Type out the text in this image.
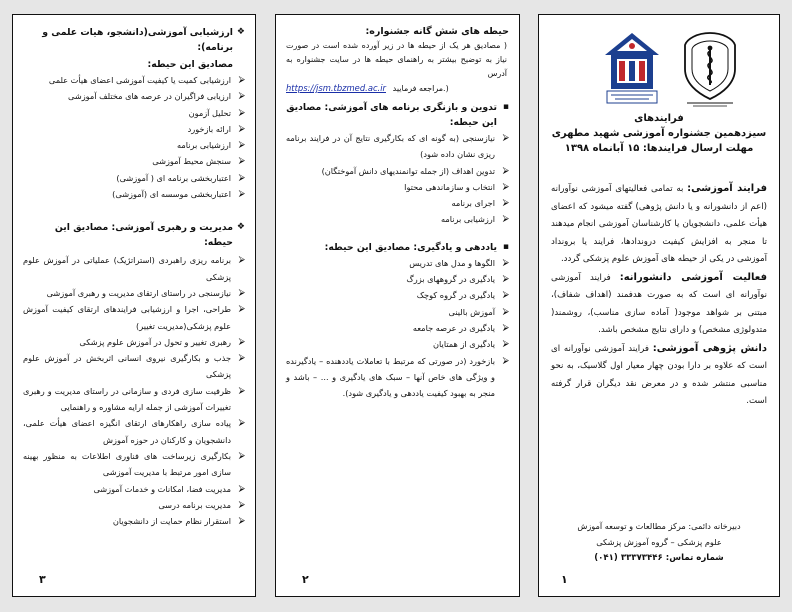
❖
ارزشیابی آموزشی(دانشجو، هیات علمی و برنامه):
مصادیق این حیطه:
⮚
ارزشیابی کمیت یا کیفیت آموزشی اعضای هیأت علمی
⮚
ارزیابی فراگیران در عرصه های مختلف آموزشی
⮚
تحلیل آزمون
⮚
ارائه بازخورد
⮚
ارزشیابی برنامه
⮚
سنجش محیط آموزشی
⮚
اعتباربخشی برنامه ای ( آموزشی)
⮚
اعتباربخشی موسسه ای (آموزشی)
❖
مدیریت و رهبری آموزشی: مصادیق این حیطه:
⮚
برنامه ریزی راهبردی (استراتژیک) عملیاتی در آموزش علوم پزشکی
⮚
نیازسنجی در راستای ارتقای مدیریت و رهبری آموزشی
⮚
طراحی، اجرا و ارزشیابی فرایندهای ارتقای کیفیت آموزش علوم پزشکی(مدیریت تغییر)
⮚
رهبری تغییر و تحول در آموزش علوم پزشکی
⮚
جذب و بکارگیری نیروی انسانی اثربخش در آموزش علوم پزشکی
⮚
ظرفیت سازی فردی و سازمانی در راستای مدیریت و رهبری تغییرات آموزشی از جمله ارایه مشاوره و راهنمایی
⮚
پیاده سازی راهکارهای ارتقای انگیزه اعضای هیأت علمی، دانشجویان و کارکنان در حوزه آموزش
⮚
بکارگیری زیرساخت های فناوری اطلاعات به منظور بهینه سازی امور مرتبط با مدیریت آموزشی
⮚
مدیریت فضا، امکانات و خدمات آموزشی
⮚
مدیریت برنامه درسی
⮚
استقرار نظام حمایت از دانشجویان
۳
حیطه های شش گانه جشنواره:
( مصادیق هر یک از حیطه ها در زیر آورده شده است در صورت نیاز به توضیح بیشتر به راهنمای حیطه ها در سایت جشنواره به آدرس
https://jsm.tbzmed.ac.ir مراجعه فرمایید.)
▪
تدوین و بازنگری برنامه های آموزشی: مصادیق این حیطه:
⮚
نیازسنجی (به گونه ای که بکارگیری نتایج آن در فرایند برنامه ریزی نشان داده شود)
⮚
تدوین اهداف (از جمله توانمندیهای دانش آموختگان)
⮚
انتخاب و سازماندهی محتوا
⮚
اجرای برنامه
⮚
ارزشیابی برنامه
▪
یاددهی و یادگیری: مصادیق این حیطه:
⮚
الگوها و مدل های تدریس
⮚
یادگیری در گروههای بزرگ
⮚
یادگیری در گروه کوچک
⮚
آموزش بالینی
⮚
یادگیری در عرصه جامعه
⮚
یادگیری از همتایان
⮚
بازخورد (در صورتی که مرتبط با تعاملات یاددهنده – یادگیرنده و ویژگی های خاص آنها – سبک های یادگیری و ... – باشد و منجر به بهبود کیفیت یاددهی و یادگیری شود).
۲
فرایندهای
سیزدهمین جشنواره آموزشی شهید مطهری
مهلت ارسال فرایندها: ۱۵ آبانماه ۱۳۹۸

فرایند آموزشی: به تمامی فعالیتهای آموزشی نوآورانه (اعم از دانشورانه و یا دانش پژوهی) گفته میشود که اعضای هیأت علمی، دانشجویان یا کارشناسان آموزشی انجام میدهند تا منجر به افزایش کیفیت دروندادها، فرایند یا برونداد آموزشی در یکی از حیطه های آموزش علوم پزشکی گردد.

فعالیت آموزشی دانشورانه: فرایند آموزشی نوآورانه ای است که به صورت هدفمند (اهداف شفاف)، مبتنی بر شواهد موجود( آماده سازی مناسب)، روشمند( متدولوژی مشخص) و دارای نتایج مشخص باشد.

دانش پژوهی آموزشی: فرایند آموزشی نوآورانه ای است که علاوه بر دارا بودن چهار معیار اول گلاسیک، به نحو مناسبی منتشر شده و در معرض نقد دیگران قرار گرفته است.

دبیرخانه دائمی: مرکز مطالعات و توسعه آموزش
علوم پزشکی – گروه آموزش پزشکی
شماره تماس: ۳۳۳۷۳۴۴۶ (۰۴۱)
۱
